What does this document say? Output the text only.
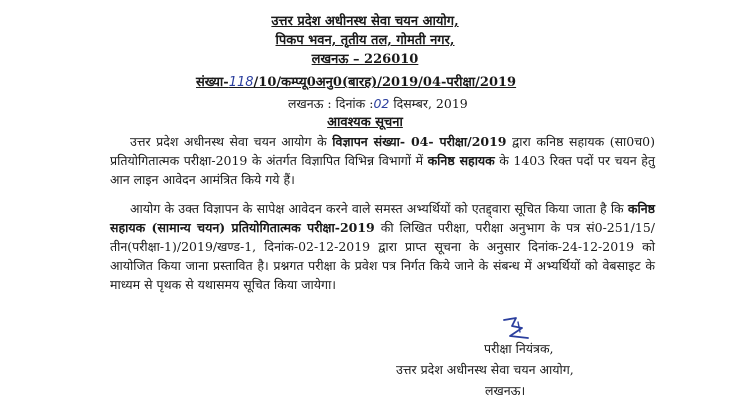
उत्तर प्रदेश अधीनस्थ सेवा चयन आयोग,
पिकप भवन, तृतीय तल, गोमती नगर,
लखनऊ – 226010
संख्या-118/10/कम्प्यू0अनु0(बारह)/2019/04-परीक्षा/2019
लखनऊ : दिनांक :02 दिसम्बर, 2019
आवश्यक सूचना
उत्तर प्रदेश अधीनस्थ सेवा चयन आयोग के विज्ञापन संख्या- 04- परीक्षा/2019 द्वारा कनिष्ठ सहायक (सा0च0) प्रतियोगितात्मक परीक्षा-2019 के अंतर्गत विज्ञापित विभिन्न विभागों में कनिष्ठ सहायक के 1403 रिक्त पदों पर चयन हेतु आन लाइन आवेदन आमंत्रित किये गये हैं।
आयोग के उक्त विज्ञापन के सापेक्ष आवेदन करने वाले समस्त अभ्यर्थियों को एतद्द्वारा सूचित किया जाता है कि कनिष्ठ सहायक (सामान्य चयन) प्रतियोगितात्मक परीक्षा-2019 की लिखित परीक्षा, परीक्षा अनुभाग के पत्र सं0-251/15/तीन(परीक्षा-1)/2019/खण्ड-1, दिनांक-02-12-2019 द्वारा प्राप्त सूचना के अनुसार दिनांक-24-12-2019 को आयोजित किया जाना प्रस्तावित है। प्रश्नगत परीक्षा के प्रवेश पत्र निर्गत किये जाने के संबन्ध में अभ्यर्थियों को वेबसाइट के माध्यम से पृथक से यथासमय सूचित किया जायेगा।
परीक्षा नियंत्रक,
उत्तर प्रदेश अधीनस्थ सेवा चयन आयोग,
लखनऊ।
